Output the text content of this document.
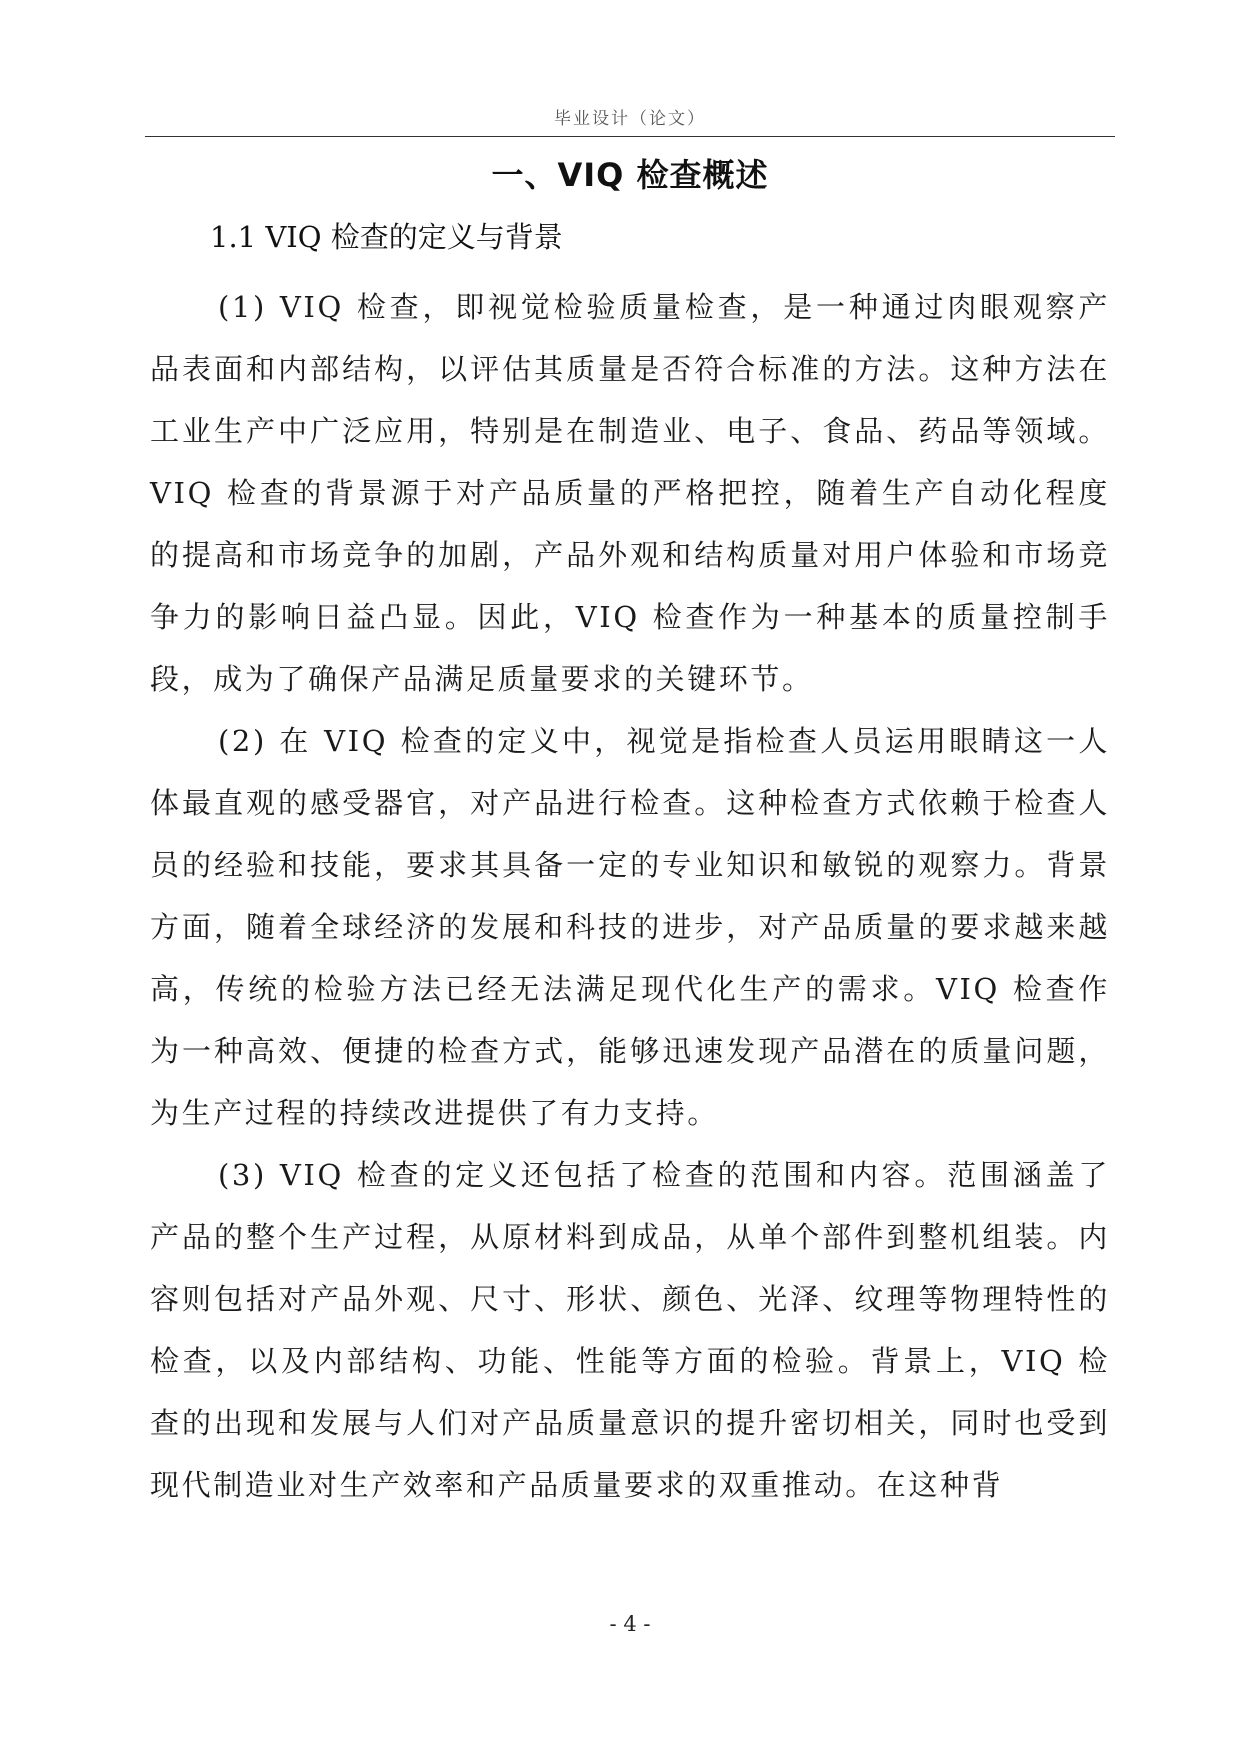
毕业设计（论文）
一、VIQ 检查概述
1.1 VIQ 检查的定义与背景

(1) VIQ 检查，即视觉检验质量检查，是一种通过肉眼观察产品表面和内部结构，以评估其质量是否符合标准的方法。这种方法在工业生产中广泛应用，特别是在制造业、电子、食品、药品等领域。VIQ 检查的背景源于对产品质量的严格把控，随着生产自动化程度的提高和市场竞争的加剧，产品外观和结构质量对用户体验和市场竞争力的影响日益凸显。因此，VIQ 检查作为一种基本的质量控制手段，成为了确保产品满足质量要求的关键环节。

(2) 在 VIQ 检查的定义中，视觉是指检查人员运用眼睛这一人体最直观的感受器官，对产品进行检查。这种检查方式依赖于检查人员的经验和技能，要求其具备一定的专业知识和敏锐的观察力。背景方面，随着全球经济的发展和科技的进步，对产品质量的要求越来越高，传统的检验方法已经无法满足现代化生产的需求。VIQ 检查作为一种高效、便捷的检查方式，能够迅速发现产品潜在的质量问题，为生产过程的持续改进提供了有力支持。

(3) VIQ 检查的定义还包括了检查的范围和内容。范围涵盖了产品的整个生产过程，从原材料到成品，从单个部件到整机组装。内容则包括对产品外观、尺寸、形状、颜色、光泽、纹理等物理特性的检查，以及内部结构、功能、性能等方面的检验。背景上，VIQ 检查的出现和发展与人们对产品质量意识的提升密切相关，同时也受到现代制造业对生产效率和产品质量要求的双重推动。在这种背

- 4 -
